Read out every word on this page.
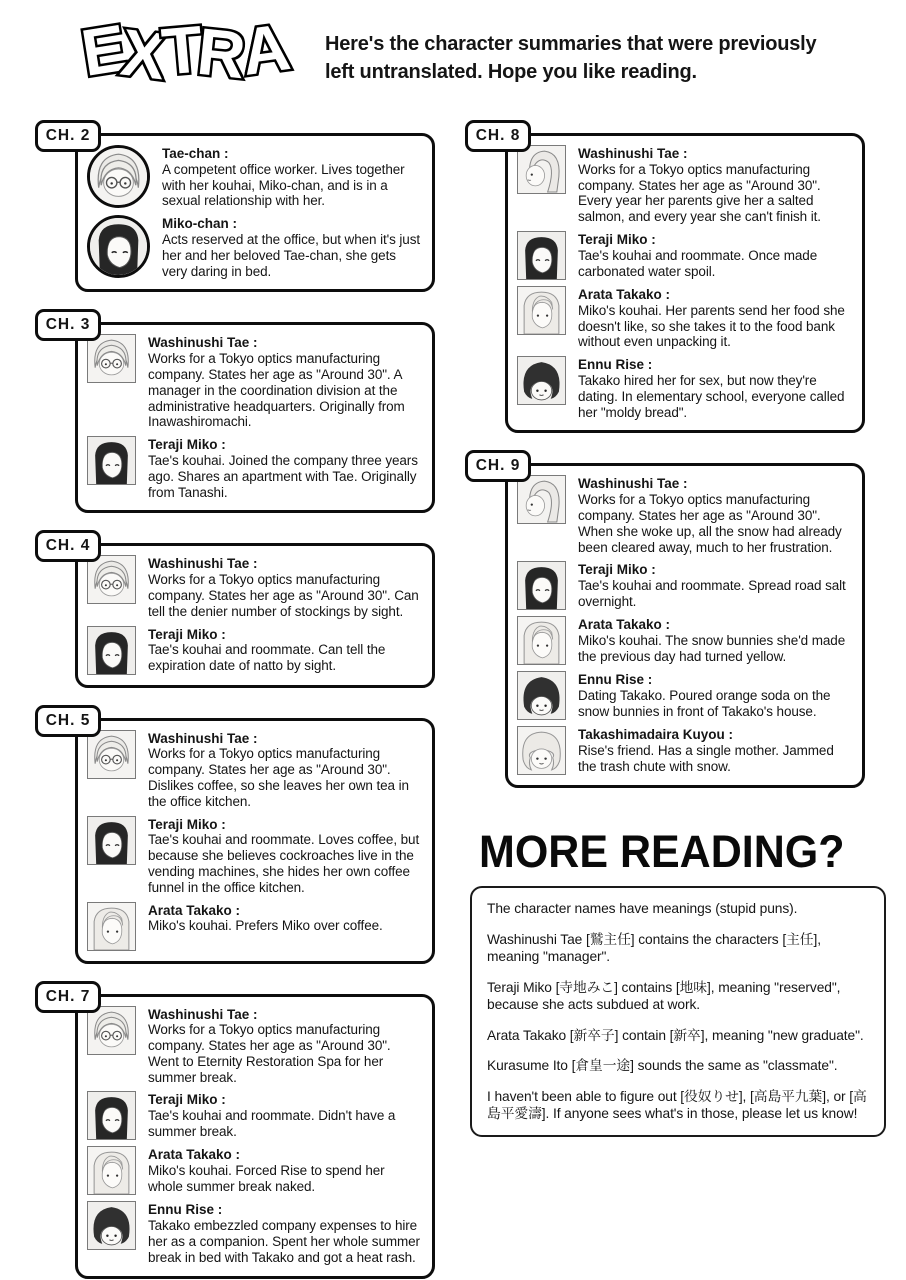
EXTRA	Here's the character summaries that were previously
left untranslated. Hope you like reading.
CH. 2
Tae-chan :
A competent office worker. Lives together with her kouhai, Miko-chan, and is in a sexual relationship with her.
Miko-chan :
Acts reserved at the office, but when it's just her and her beloved Tae-chan, she gets very daring in bed.
CH. 3
Washinushi Tae :
Works for a Tokyo optics manufacturing company. States her age as "Around 30". A manager in the coordination division at the administrative headquarters. Originally from Inawashiromachi.
Teraji Miko :
Tae's kouhai. Joined the company three years ago. Shares an apartment with Tae. Originally from Tanashi.
CH. 4
Washinushi Tae :
Works for a Tokyo optics manufacturing company. States her age as "Around 30". Can tell the denier number of stockings by sight.
Teraji Miko :
Tae's kouhai and roommate. Can tell the expiration date of natto by sight.
CH. 5
Washinushi Tae :
Works for a Tokyo optics manufacturing company. States her age as "Around 30". Dislikes coffee, so she leaves her own tea in the office kitchen.
Teraji Miko :
Tae's kouhai and roommate. Loves coffee, but because she believes cockroaches live in the vending machines, she hides her own coffee funnel in the office kitchen.
Arata Takako :
Miko's kouhai. Prefers Miko over coffee.
CH. 7
Washinushi Tae :
Works for a Tokyo optics manufacturing company. States her age as "Around 30". Went to Eternity Restoration Spa for her summer break.
Teraji Miko :
Tae's kouhai and roommate. Didn't have a summer break.
Arata Takako :
Miko's kouhai. Forced Rise to spend her whole summer break naked.
Ennu Rise :
Takako embezzled company expenses to hire her as a companion. Spent her whole summer break in bed with Takako and got a heat rash.
CH. 8
Washinushi Tae :
Works for a Tokyo optics manufacturing company. States her age as "Around 30". Every year her parents give her a salted salmon, and every year she can't finish it.
Teraji Miko :
Tae's kouhai and roommate. Once made carbonated water spoil.
Arata Takako :
Miko's kouhai. Her parents send her food she doesn't like, so she takes it to the food bank without even unpacking it.
Ennu Rise :
Takako hired her for sex, but now they're dating. In elementary school, everyone called her "moldy bread".
CH. 9
Washinushi Tae :
Works for a Tokyo optics manufacturing company. States her age as "Around 30". When she woke up, all the snow had already been cleared away, much to her frustration.
Teraji Miko :
Tae's kouhai and roommate. Spread road salt overnight.
Arata Takako :
Miko's kouhai. The snow bunnies she'd made the previous day had turned yellow.
Ennu Rise :
Dating Takako. Poured orange soda on the snow bunnies in front of Takako's house.
Takashimadaira Kuyou :
Rise's friend. Has a single mother. Jammed the trash chute with snow.
MORE READING?

The character names have meanings (stupid puns).

Washinushi Tae [鷲主任] contains the characters [主任], meaning "manager".

Teraji Miko [寺地みこ] contains [地味], meaning "reserved", because she acts subdued at work.

Arata Takako [新卒子] contain [新卒], meaning "new graduate".

Kurasume Ito [倉皇一途] sounds the same as "classmate".

I haven't been able to figure out [役奴りせ], [高島平九葉], or [高島平愛濤]. If anyone sees what's in those, please let us know!
